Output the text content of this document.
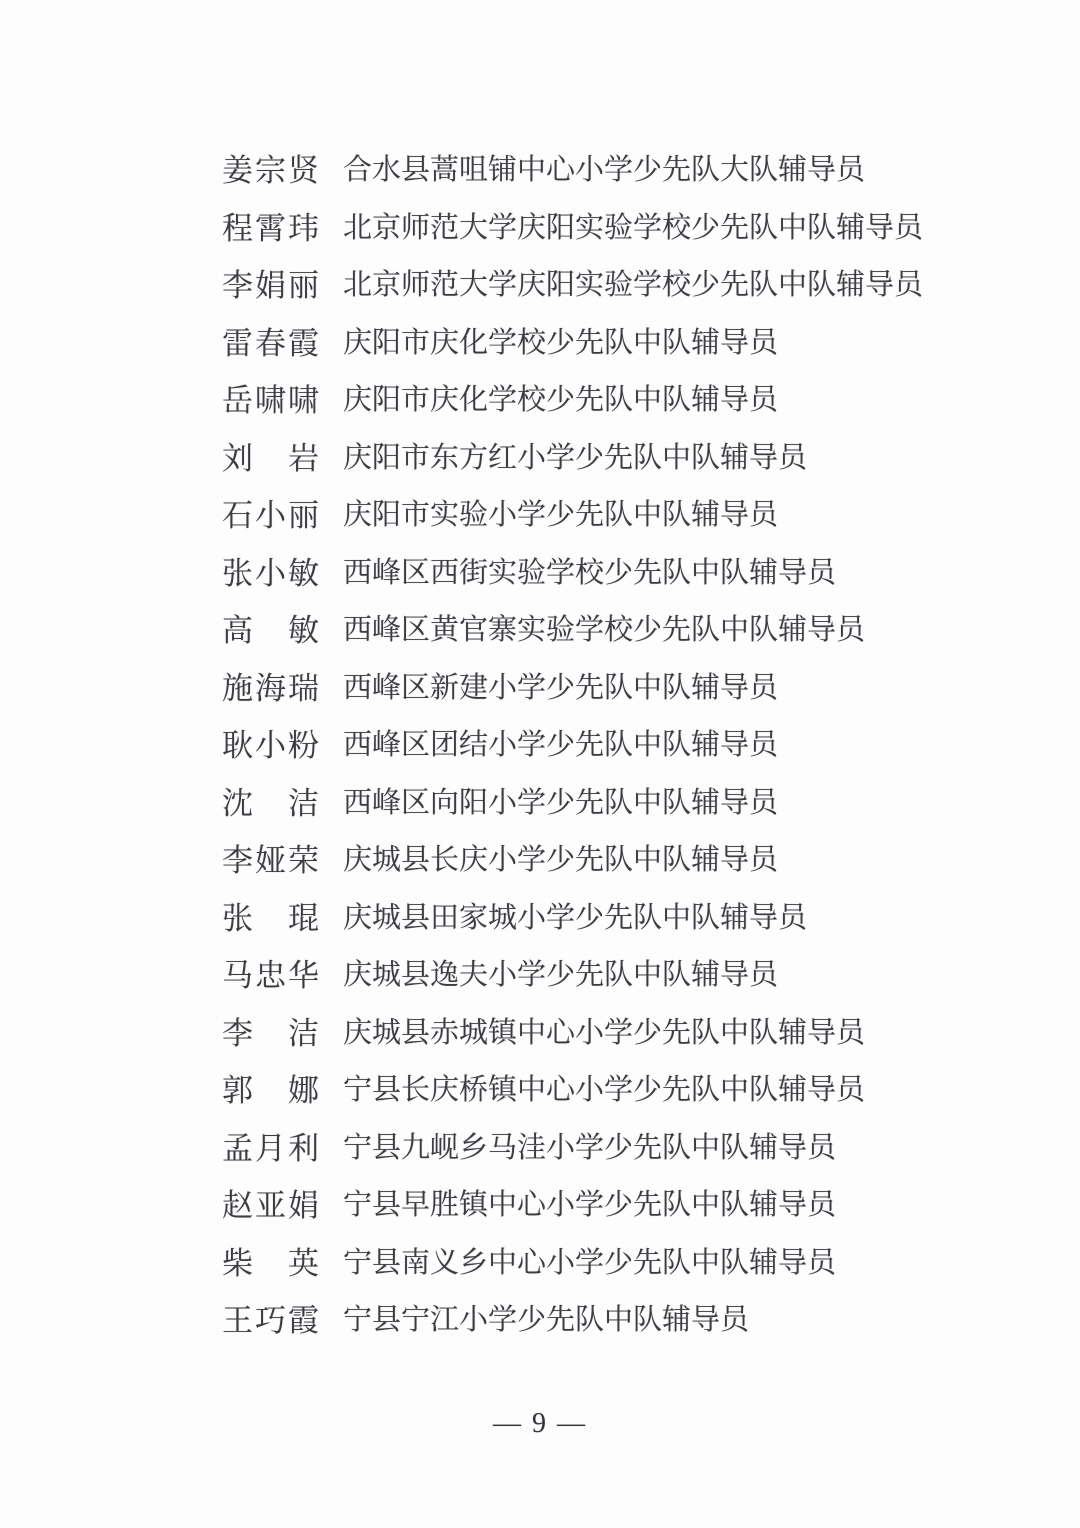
姜宗贤 合水县蒿咀铺中心小学少先队大队辅导员
程霄玮 北京师范大学庆阳实验学校少先队中队辅导员
李娟丽 北京师范大学庆阳实验学校少先队中队辅导员
雷春霞 庆阳市庆化学校少先队中队辅导员
岳啸啸 庆阳市庆化学校少先队中队辅导员
刘　岩 庆阳市东方红小学少先队中队辅导员
石小丽 庆阳市实验小学少先队中队辅导员
张小敏 西峰区西街实验学校少先队中队辅导员
高　敏 西峰区黄官寨实验学校少先队中队辅导员
施海瑞 西峰区新建小学少先队中队辅导员
耿小粉 西峰区团结小学少先队中队辅导员
沈　洁 西峰区向阳小学少先队中队辅导员
李娅荣 庆城县长庆小学少先队中队辅导员
张　琨 庆城县田家城小学少先队中队辅导员
马忠华 庆城县逸夫小学少先队中队辅导员
李　洁 庆城县赤城镇中心小学少先队中队辅导员
郭　娜 宁县长庆桥镇中心小学少先队中队辅导员
孟月利 宁县九岘乡马洼小学少先队中队辅导员
赵亚娟 宁县早胜镇中心小学少先队中队辅导员
柴　英 宁县南义乡中心小学少先队中队辅导员
王巧霞 宁县宁江小学少先队中队辅导员
— 9 —
